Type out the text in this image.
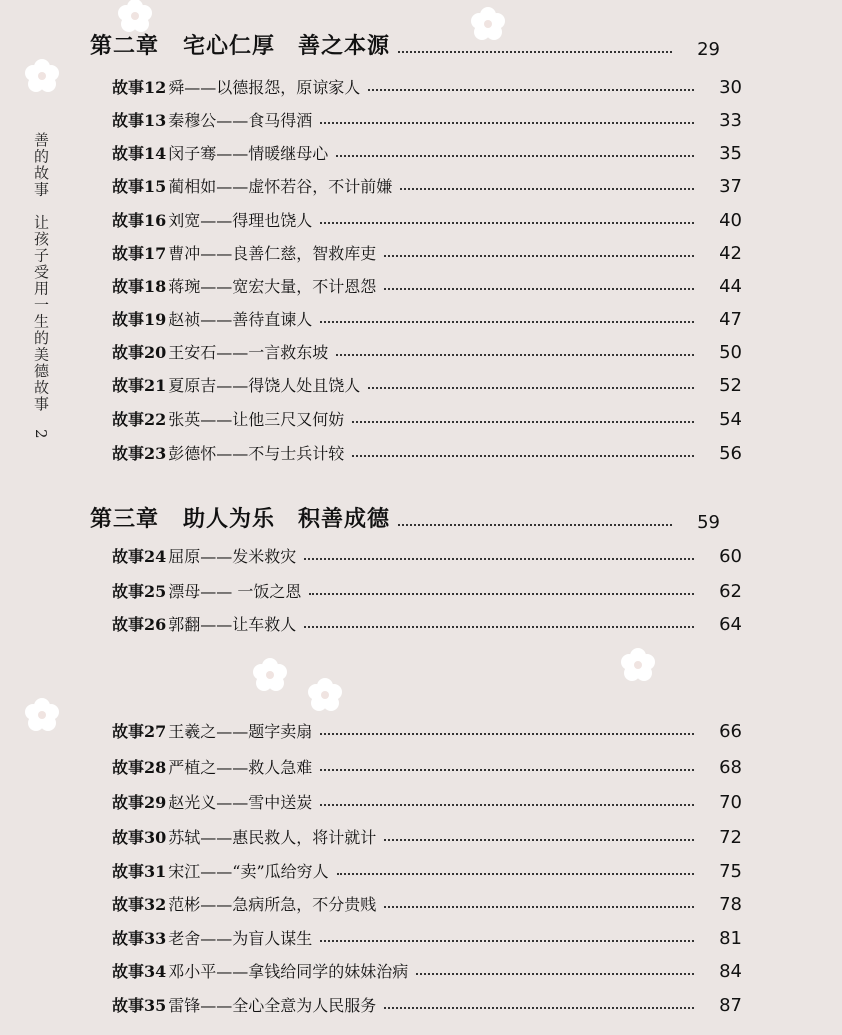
善的故事　让孩子受用一生的美德故事　2
第二章 宅心仁厚　善之本源	29
故事12 舜——以德报怨，原谅家人	30
故事13 秦穆公——食马得酒	33
故事14 闵子骞——情暖继母心	35
故事15 蔺相如——虚怀若谷，不计前嫌	37
故事16 刘宽——得理也饶人	40
故事17 曹冲——良善仁慈，智救库吏	42
故事18 蒋琬——宽宏大量，不计恩怨	44
故事19 赵祯——善待直谏人	47
故事20 王安石——一言救东坡	50
故事21 夏原吉——得饶人处且饶人	52
故事22 张英——让他三尺又何妨	54
故事23 彭德怀——不与士兵计较	56
第三章 助人为乐　积善成德	59
故事24 屈原——发米救灾	60
故事25 漂母—— 一饭之恩	62
故事26 郭翻——让车救人	64
故事27 王羲之——题字卖扇	66
故事28 严植之——救人急难	68
故事29 赵光义——雪中送炭	70
故事30 苏轼——惠民救人，将计就计	72
故事31 宋江——“卖”瓜给穷人	75
故事32 范彬——急病所急，不分贵贱	78
故事33 老舍——为盲人谋生	81
故事34 邓小平——拿钱给同学的妹妹治病	84
故事35 雷锋——全心全意为人民服务	87
